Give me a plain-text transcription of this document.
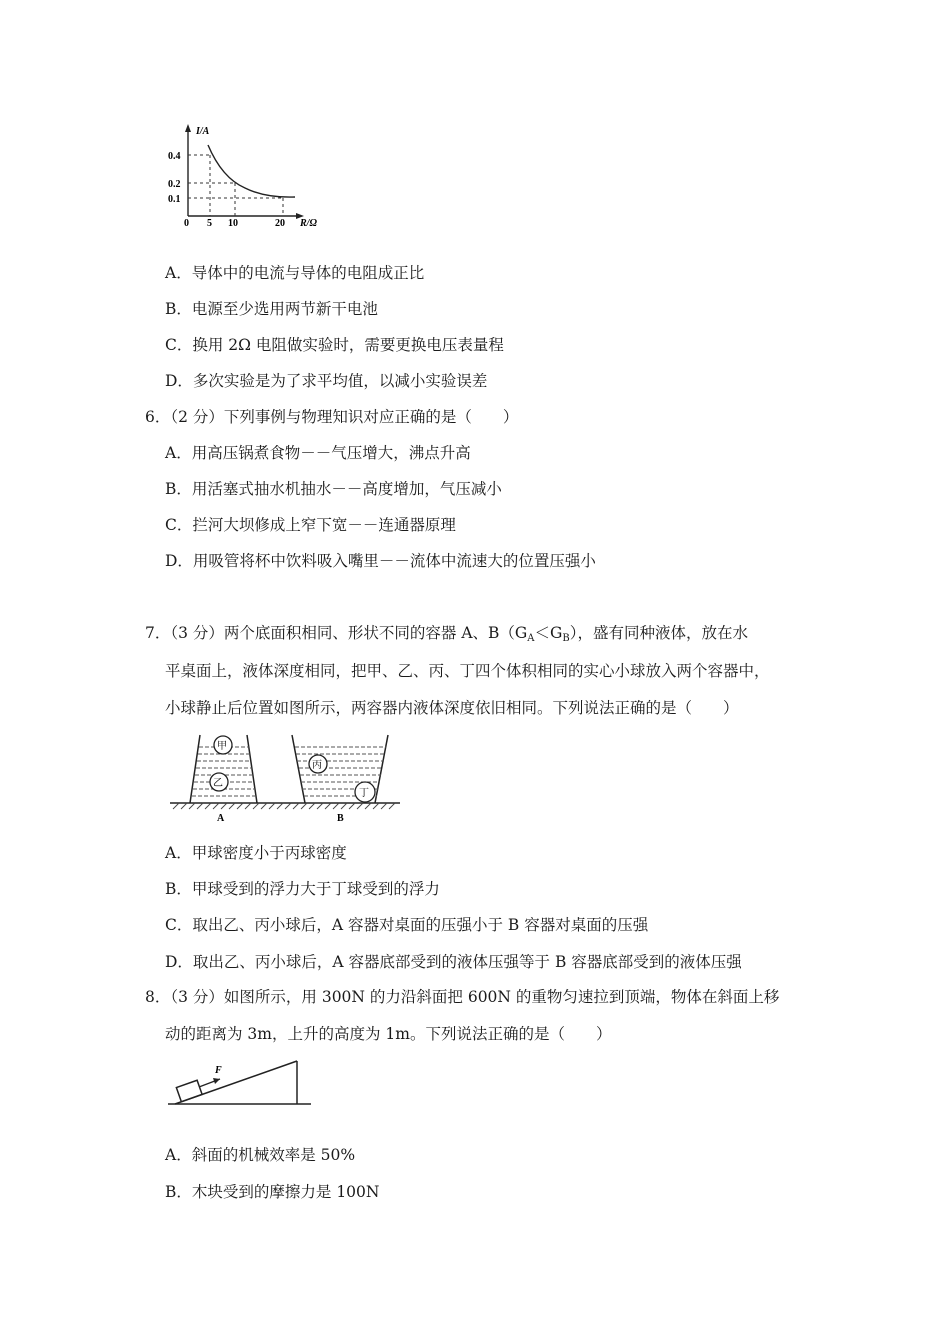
I/A
R/Ω
0.4
0.2
0.1
0 5 10	20
A．导体中的电流与导体的电阻成正比
B．电源至少选用两节新干电池
C．换用 2Ω 电阻做实验时，需要更换电压表量程
D．多次实验是为了求平均值，以减小实验误差
6．（2 分）下列事例与物理知识对应正确的是（　　）
A．用高压锅煮食物－－气压增大，沸点升高
B．用活塞式抽水机抽水－－高度增加，气压减小
C．拦河大坝修成上窄下宽－－连通器原理
D．用吸管将杯中饮料吸入嘴里－－流体中流速大的位置压强小
7．（3 分）两个底面积相同、形状不同的容器 A、$B(G_A<G_B)$，盛有同种液体，放在水
平桌面上，液体深度相同，把甲、乙、丙、丁四个体积相同的实心小球放入两个容器中，
小球静止后位置如图所示，两容器内液体深度依旧相同。下列说法正确的是（　　）
甲
乙
A
丙
丁
B
A．甲球密度小于丙球密度
B．甲球受到的浮力大于丁球受到的浮力
C．取出乙、丙小球后，A 容器对桌面的压强小于 B 容器对桌面的压强
D．取出乙、丙小球后，A 容器底部受到的液体压强等于 B 容器底部受到的液体压强
8．（3 分）如图所示，用 300N 的力沿斜面把 600N 的重物匀速拉到顶端，物体在斜面上移
动的距离为 3m，上升的高度为 1m。下列说法正确的是（　　）
F
A．斜面的机械效率是 50%
B．木块受到的摩擦力是 100N
